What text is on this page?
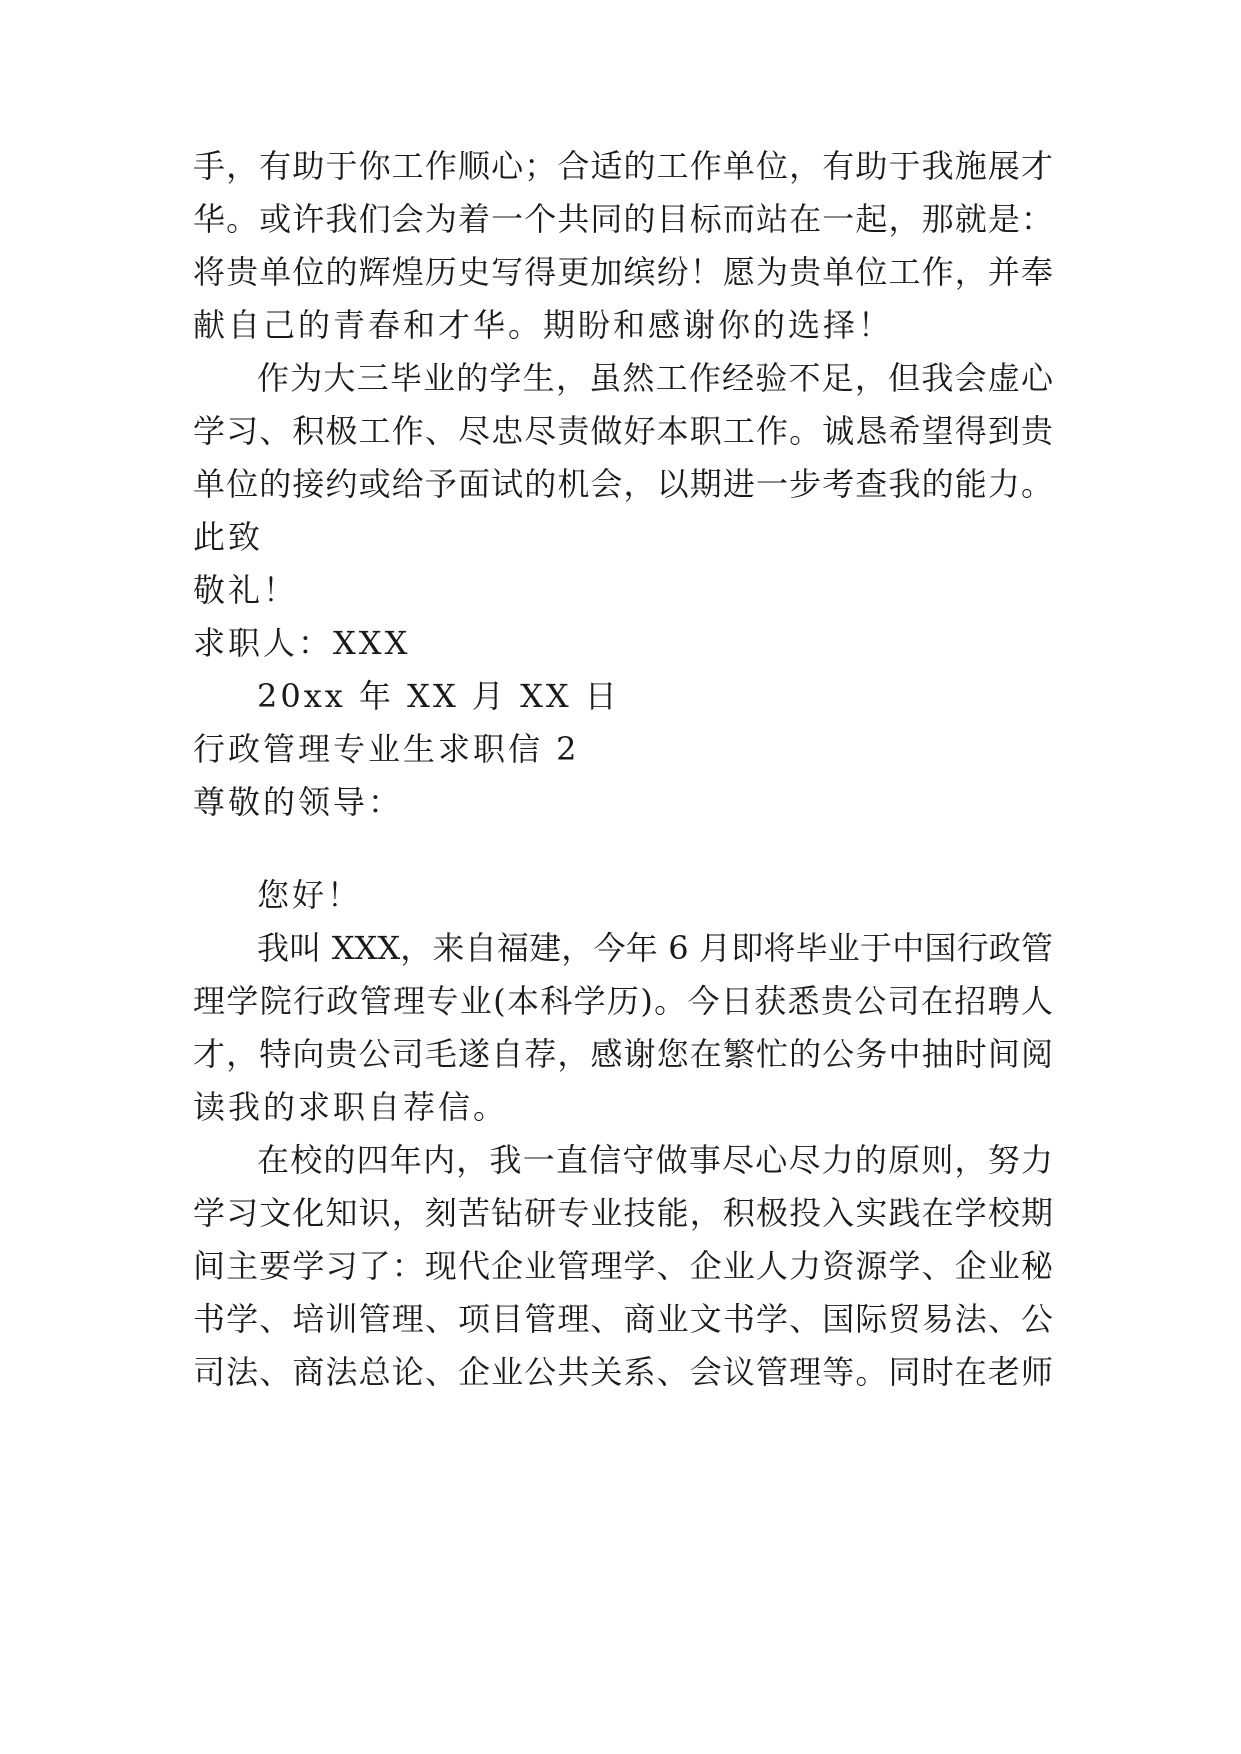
手，有助于你工作顺心；合适的工作单位，有助于我施展才
华。或许我们会为着一个共同的目标而站在一起，那就是：
将贵单位的辉煌历史写得更加缤纷！愿为贵单位工作，并奉
献自己的青春和才华。期盼和感谢你的选择！
作为大三毕业的学生，虽然工作经验不足，但我会虚心
学习、积极工作、尽忠尽责做好本职工作。诚恳希望得到贵
单位的接约或给予面试的机会，以期进一步考查我的能力。
此致
敬礼！
求职人：XXX
20xx 年 XX 月 XX 日
行政管理专业生求职信 2
尊敬的领导：
您好！
我叫 XXX，来自福建，今年 6 月即将毕业于中国行政管
理学院行政管理专业(本科学历)。今日获悉贵公司在招聘人
才，特向贵公司毛遂自荐，感谢您在繁忙的公务中抽时间阅
读我的求职自荐信。
在校的四年内，我一直信守做事尽心尽力的原则，努力
学习文化知识，刻苦钻研专业技能，积极投入实践在学校期
间主要学习了：现代企业管理学、企业人力资源学、企业秘
书学、培训管理、项目管理、商业文书学、国际贸易法、公
司法、商法总论、企业公共关系、会议管理等。同时在老师
